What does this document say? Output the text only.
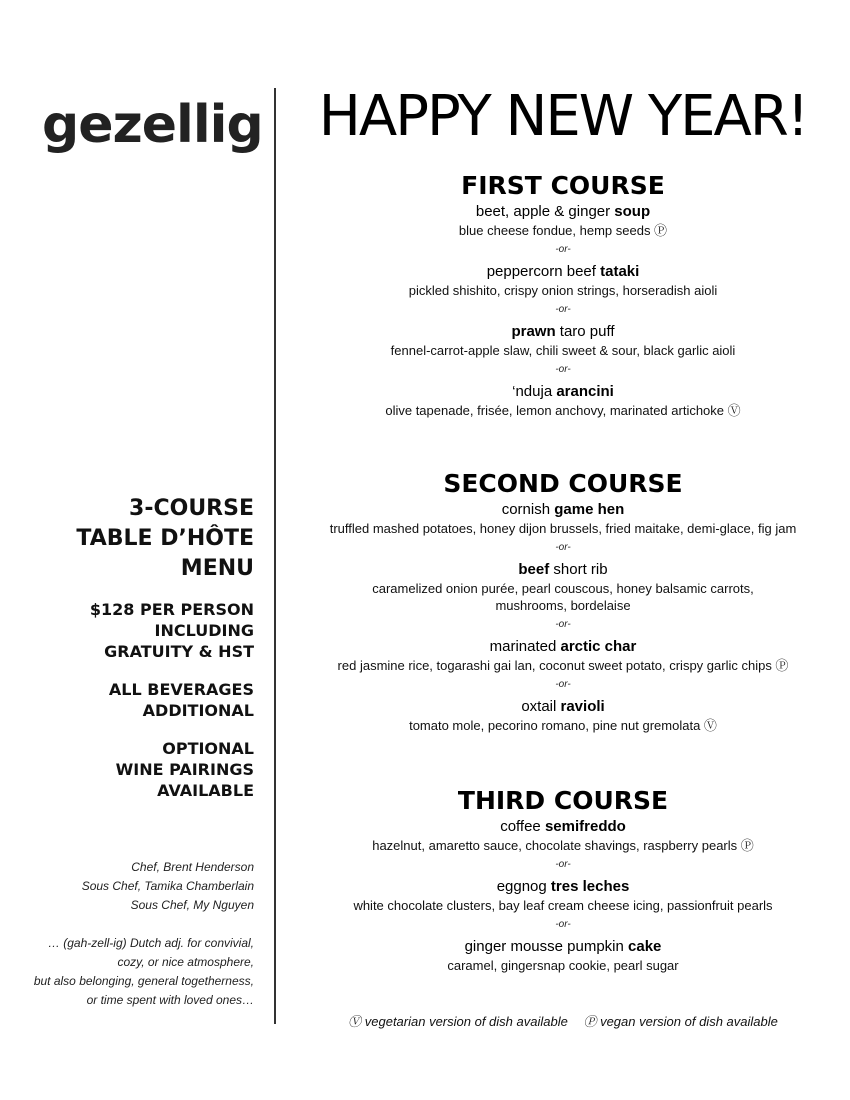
gezellig
3-COURSE
TABLE D’HÔTE
MENU
$128 PER PERSON
INCLUDING
GRATUITY & HST
ALL BEVERAGES
ADDITIONAL
OPTIONAL
WINE PAIRINGS
AVAILABLE
Chef, Brent Henderson
Sous Chef, Tamika Chamberlain
Sous Chef, My Nguyen
… (gah-zell-ig) Dutch adj. for convivial,
cozy, or nice atmosphere,
but also belonging, general togetherness,
or time spent with loved ones…
HAPPY NEW YEAR!
FIRST COURSE
beet, apple & ginger soup
blue cheese fondue, hemp seeds Ⓟ
-or-
peppercorn beef tataki
pickled shishito, crispy onion strings, horseradish aioli
-or-
prawn taro puff
fennel-carrot-apple slaw, chili sweet & sour, black garlic aioli
-or-
‘nduja arancini
olive tapenade, frisée, lemon anchovy, marinated artichoke Ⓥ
SECOND COURSE
cornish game hen
truffled mashed potatoes, honey dijon brussels, fried maitake, demi-glace, fig jam
-or-
beef short rib
caramelized onion purée, pearl couscous, honey balsamic carrots,
mushrooms, bordelaise
-or-
marinated arctic char
red jasmine rice, togarashi gai lan, coconut sweet potato, crispy garlic chips Ⓟ
-or-
oxtail ravioli
tomato mole, pecorino romano, pine nut gremolata Ⓥ
THIRD COURSE
coffee semifreddo
hazelnut, amaretto sauce, chocolate shavings, raspberry pearls Ⓟ
-or-
eggnog tres leches
white chocolate clusters, bay leaf cream cheese icing, passionfruit pearls
-or-
ginger mousse pumpkin cake
caramel, gingersnap cookie, pearl sugar
Ⓥ vegetarian version of dish available Ⓟ vegan version of dish available
